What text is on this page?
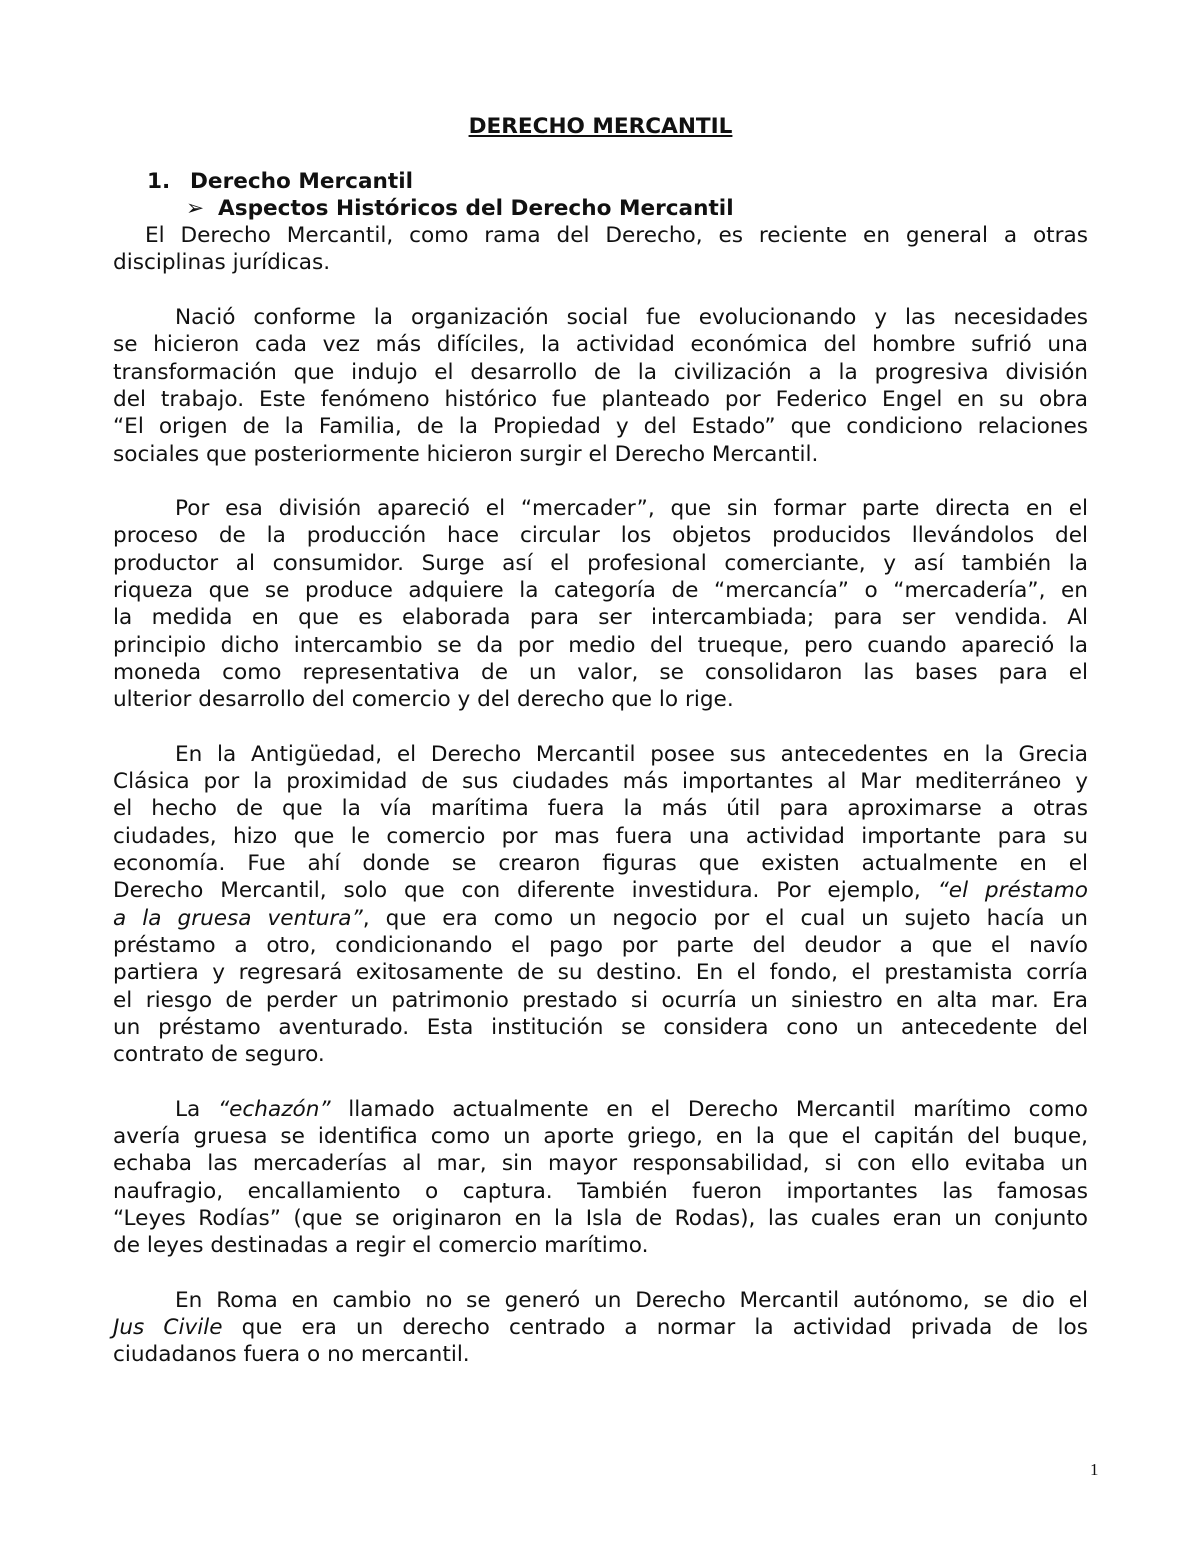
DERECHO MERCANTIL
1. Derecho Mercantil
➢ Aspectos Históricos del Derecho Mercantil
El Derecho Mercantil, como rama del Derecho, es reciente en general a otras
disciplinas jurídicas.
Nació conforme la organización social fue evolucionando y las necesidades
se hicieron cada vez más difíciles, la actividad económica del hombre sufrió una
transformación que indujo el desarrollo de la civilización a la progresiva división
del trabajo. Este fenómeno histórico fue planteado por Federico Engel en su obra
“El origen de la Familia, de la Propiedad y del Estado” que condiciono relaciones
sociales que posteriormente hicieron surgir el Derecho Mercantil.
Por esa división apareció el “mercader”, que sin formar parte directa en el
proceso de la producción hace circular los objetos producidos llevándolos del
productor al consumidor. Surge así el profesional comerciante, y así también la
riqueza que se produce adquiere la categoría de “mercancía” o “mercadería”, en
la medida en que es elaborada para ser intercambiada; para ser vendida. Al
principio dicho intercambio se da por medio del trueque, pero cuando apareció la
moneda como representativa de un valor, se consolidaron las bases para el
ulterior desarrollo del comercio y del derecho que lo rige.
En la Antigüedad, el Derecho Mercantil posee sus antecedentes en la Grecia
Clásica por la proximidad de sus ciudades más importantes al Mar mediterráneo y
el hecho de que la vía marítima fuera la más útil para aproximarse a otras
ciudades, hizo que le comercio por mas fuera una actividad importante para su
economía. Fue ahí donde se crearon figuras que existen actualmente en el
Derecho Mercantil, solo que con diferente investidura. Por ejemplo, “el préstamo
a la gruesa ventura”, que era como un negocio por el cual un sujeto hacía un
préstamo a otro, condicionando el pago por parte del deudor a que el navío
partiera y regresará exitosamente de su destino. En el fondo, el prestamista corría
el riesgo de perder un patrimonio prestado si ocurría un siniestro en alta mar. Era
un préstamo aventurado. Esta institución se considera cono un antecedente del
contrato de seguro.
La “echazón” llamado actualmente en el Derecho Mercantil marítimo como
avería gruesa se identifica como un aporte griego, en la que el capitán del buque,
echaba las mercaderías al mar, sin mayor responsabilidad, si con ello evitaba un
naufragio, encallamiento o captura. También fueron importantes las famosas
“Leyes Rodías” (que se originaron en la Isla de Rodas), las cuales eran un conjunto
de leyes destinadas a regir el comercio marítimo.
En Roma en cambio no se generó un Derecho Mercantil autónomo, se dio el
Jus Civile que era un derecho centrado a normar la actividad privada de los
ciudadanos fuera o no mercantil.
1
